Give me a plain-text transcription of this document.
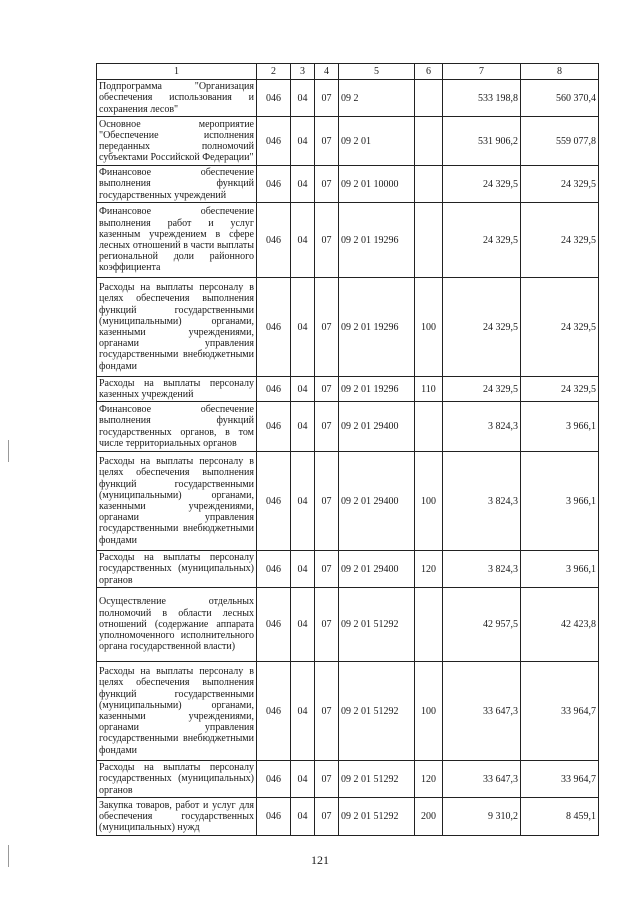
1	2	3	4	5	6	7	8
Подпрограмма "Организация обеспечения использования и сохранения лесов"	046	04	07	09 2		533 198,8	560 370,4
Основное мероприятие "Обеспечение исполнения переданных полномочий субъектами Российской Федерации"	046	04	07	09 2 01		531 906,2	559 077,8
Финансовое обеспечение выполнения функций государственных учреждений	046	04	07	09 2 01 10000		24 329,5	24 329,5
Финансовое обеспечение выполнения работ и услуг казенным учреждением в сфере лесных отношений в части выплаты региональной доли районного коэффициента	046	04	07	09 2 01 19296		24 329,5	24 329,5
Расходы на выплаты персоналу в целях обеспечения выполнения функций государственными (муниципальными) органами, казенными учреждениями, органами управления государственными внебюджетными фондами	046	04	07	09 2 01 19296	100	24 329,5	24 329,5
Расходы на выплаты персоналу казенных учреждений	046	04	07	09 2 01 19296	110	24 329,5	24 329,5
Финансовое обеспечение выполнения функций государственных органов, в том числе территориальных органов	046	04	07	09 2 01 29400		3 824,3	3 966,1
Расходы на выплаты персоналу в целях обеспечения выполнения функций государственными (муниципальными) органами, казенными учреждениями, органами управления государственными внебюджетными фондами	046	04	07	09 2 01 29400	100	3 824,3	3 966,1
Расходы на выплаты персоналу государственных (муниципальных) органов	046	04	07	09 2 01 29400	120	3 824,3	3 966,1
Осуществление отдельных полномочий в области лесных отношений (содержание аппарата уполномоченного исполнительного органа государственной власти)	046	04	07	09 2 01 51292		42 957,5	42 423,8
Расходы на выплаты персоналу в целях обеспечения выполнения функций государственными (муниципальными) органами, казенными учреждениями, органами управления государственными внебюджетными фондами	046	04	07	09 2 01 51292	100	33 647,3	33 964,7
Расходы на выплаты персоналу государственных (муниципальных) органов	046	04	07	09 2 01 51292	120	33 647,3	33 964,7
Закупка товаров, работ и услуг для обеспечения государственных (муниципальных) нужд	046	04	07	09 2 01 51292	200	9 310,2	8 459,1
121
